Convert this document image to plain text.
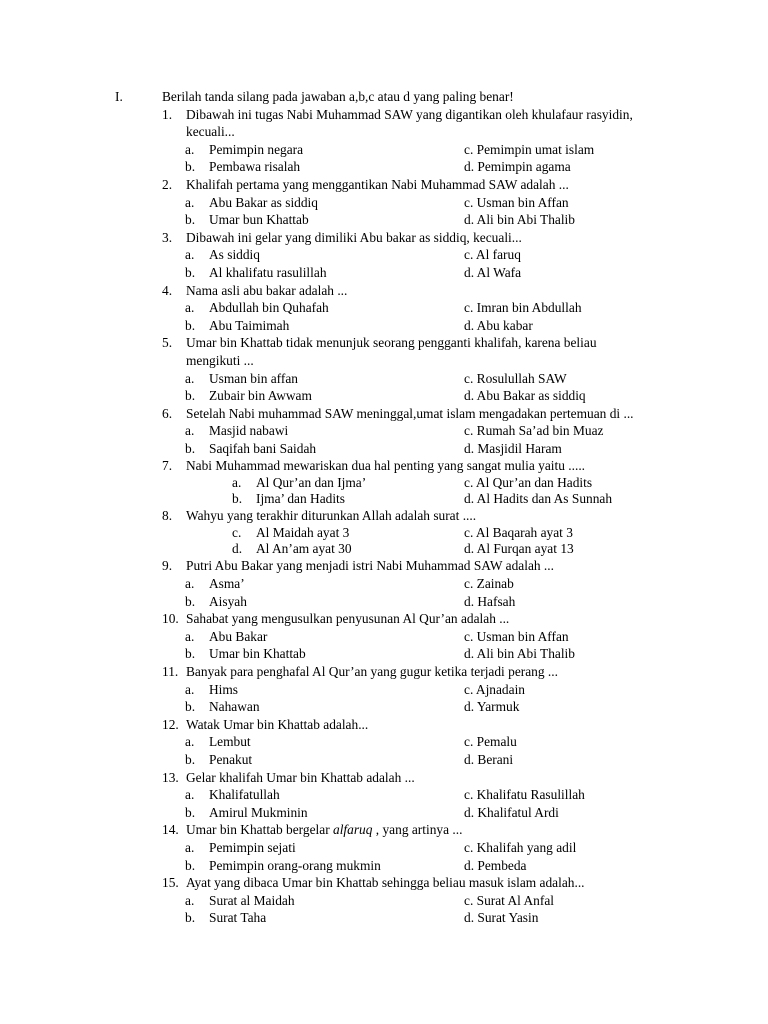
I.	Berilah tanda silang pada jawaban a,b,c atau d yang paling benar!
1. Dibawah ini tugas Nabi Muhammad SAW yang digantikan oleh khulafaur rasyidin,
kecuali...
a. Pemimpin negara	c. Pemimpin umat islam
b. Pembawa risalah	d. Pemimpin agama
2. Khalifah pertama yang menggantikan Nabi Muhammad SAW adalah ...
a. Abu Bakar as siddiq	c. Usman bin Affan
b. Umar bun Khattab	d. Ali bin Abi Thalib
3. Dibawah ini gelar yang dimiliki Abu bakar as siddiq, kecuali...
a. As siddiq	c. Al faruq
b. Al khalifatu rasulillah	d. Al Wafa
4. Nama asli abu bakar adalah ...
a. Abdullah bin Quhafah	c. Imran bin Abdullah
b. Abu Taimimah	d. Abu kabar
5. Umar bin Khattab tidak menunjuk seorang pengganti khalifah, karena beliau
mengikuti ...
a. Usman bin affan	c. Rosulullah SAW
b. Zubair bin Awwam	d. Abu Bakar as siddiq
6. Setelah Nabi muhammad SAW meninggal,umat islam mengadakan pertemuan di ...
a. Masjid nabawi	c. Rumah Sa’ad bin Muaz
b. Saqifah bani Saidah	d. Masjidil Haram
7. Nabi Muhammad mewariskan dua hal penting yang sangat mulia yaitu .....
a. Al Qur’an dan Ijma’	c. Al Qur’an dan Hadits
b. Ijma’ dan Hadits	d. Al Hadits dan As Sunnah
8. Wahyu yang terakhir diturunkan Allah adalah surat ....
c. Al Maidah ayat 3	c. Al Baqarah ayat 3
d. Al An’am ayat 30	d. Al Furqan ayat 13
9. Putri Abu Bakar yang menjadi istri Nabi Muhammad SAW adalah ...
a. Asma’	c. Zainab
b. Aisyah	d. Hafsah
10. Sahabat yang mengusulkan penyusunan Al Qur’an adalah ...
a. Abu Bakar	c. Usman bin Affan
b. Umar bin Khattab	d. Ali bin Abi Thalib
11. Banyak para penghafal Al Qur’an yang gugur ketika terjadi perang ...
a. Hims	c. Ajnadain
b. Nahawan	d. Yarmuk
12. Watak Umar bin Khattab adalah...
a. Lembut	c. Pemalu
b. Penakut	d. Berani
13. Gelar khalifah Umar bin Khattab adalah ...
a. Khalifatullah	c. Khalifatu Rasulillah
b. Amirul Mukminin	d. Khalifatul Ardi
14. Umar bin Khattab bergelar alfaruq , yang artinya ...
a. Pemimpin sejati	c. Khalifah yang adil
b. Pemimpin orang-orang mukmin	d. Pembeda
15. Ayat yang dibaca Umar bin Khattab sehingga beliau masuk islam adalah...
a. Surat al Maidah	c. Surat Al Anfal
b. Surat Taha	d. Surat Yasin
